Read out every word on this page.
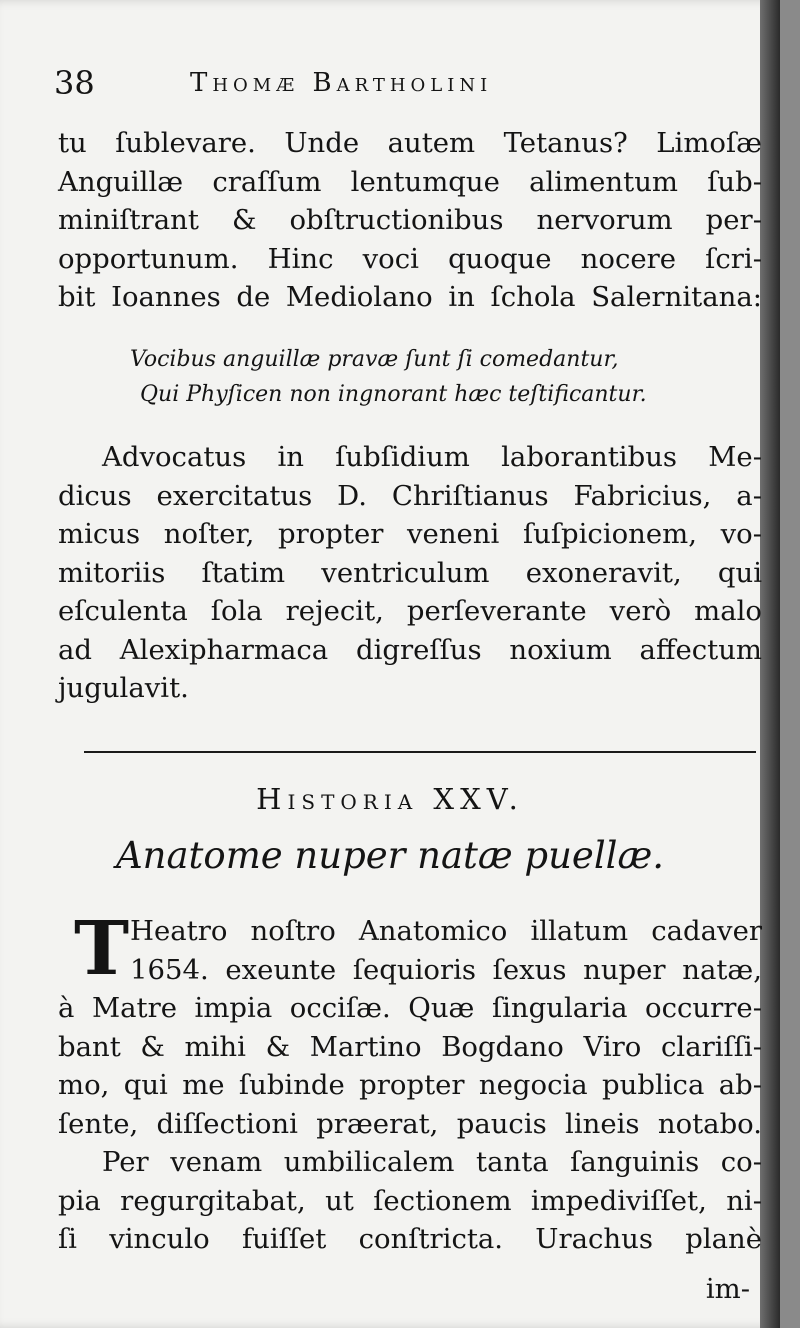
38	Thomæ Bartholini
tu ſublevare. Unde autem Tetanus? Limoſæ
Anguillæ craſſum lentumque alimentum ſub-
miniſtrant & obſtructionibus nervorum per-
opportunum. Hinc voci quoque nocere ſcri-
bit Ioannes de Mediolano in ſchola Salernitana:
Vocibus anguillæ pravæ ſunt ſi comedantur,
Qui Phyſicen non ingnorant hæc teſtificantur.
Advocatus in ſubſidium laborantibus Me-
dicus exercitatus D. Chriſtianus Fabricius, a-
micus noſter, propter veneni ſuſpicionem, vo-
mitoriis ſtatim ventriculum exoneravit, qui
eſculenta ſola rejecit, perſeverante verò malo
ad Alexipharmaca digreſſus noxium affectum
jugulavit.
Historia XXV.
Anatome nuper natæ puellæ.
T Heatro noſtro Anatomico illatum cadaver
1654. exeunte ſequioris ſexus nuper natæ,
à Matre impia occiſæ. Quæ ſingularia occurre-
bant & mihi & Martino Bogdano Viro clariſſi-
mo, qui me ſubinde propter negocia publica ab-
ſente, diſſectioni præerat, paucis lineis notabo.
Per venam umbilicalem tanta ſanguinis co-
pia regurgitabat, ut ſectionem impediviſſet, ni-
ſi vinculo fuiſſet conſtricta. Urachus planè
im-
